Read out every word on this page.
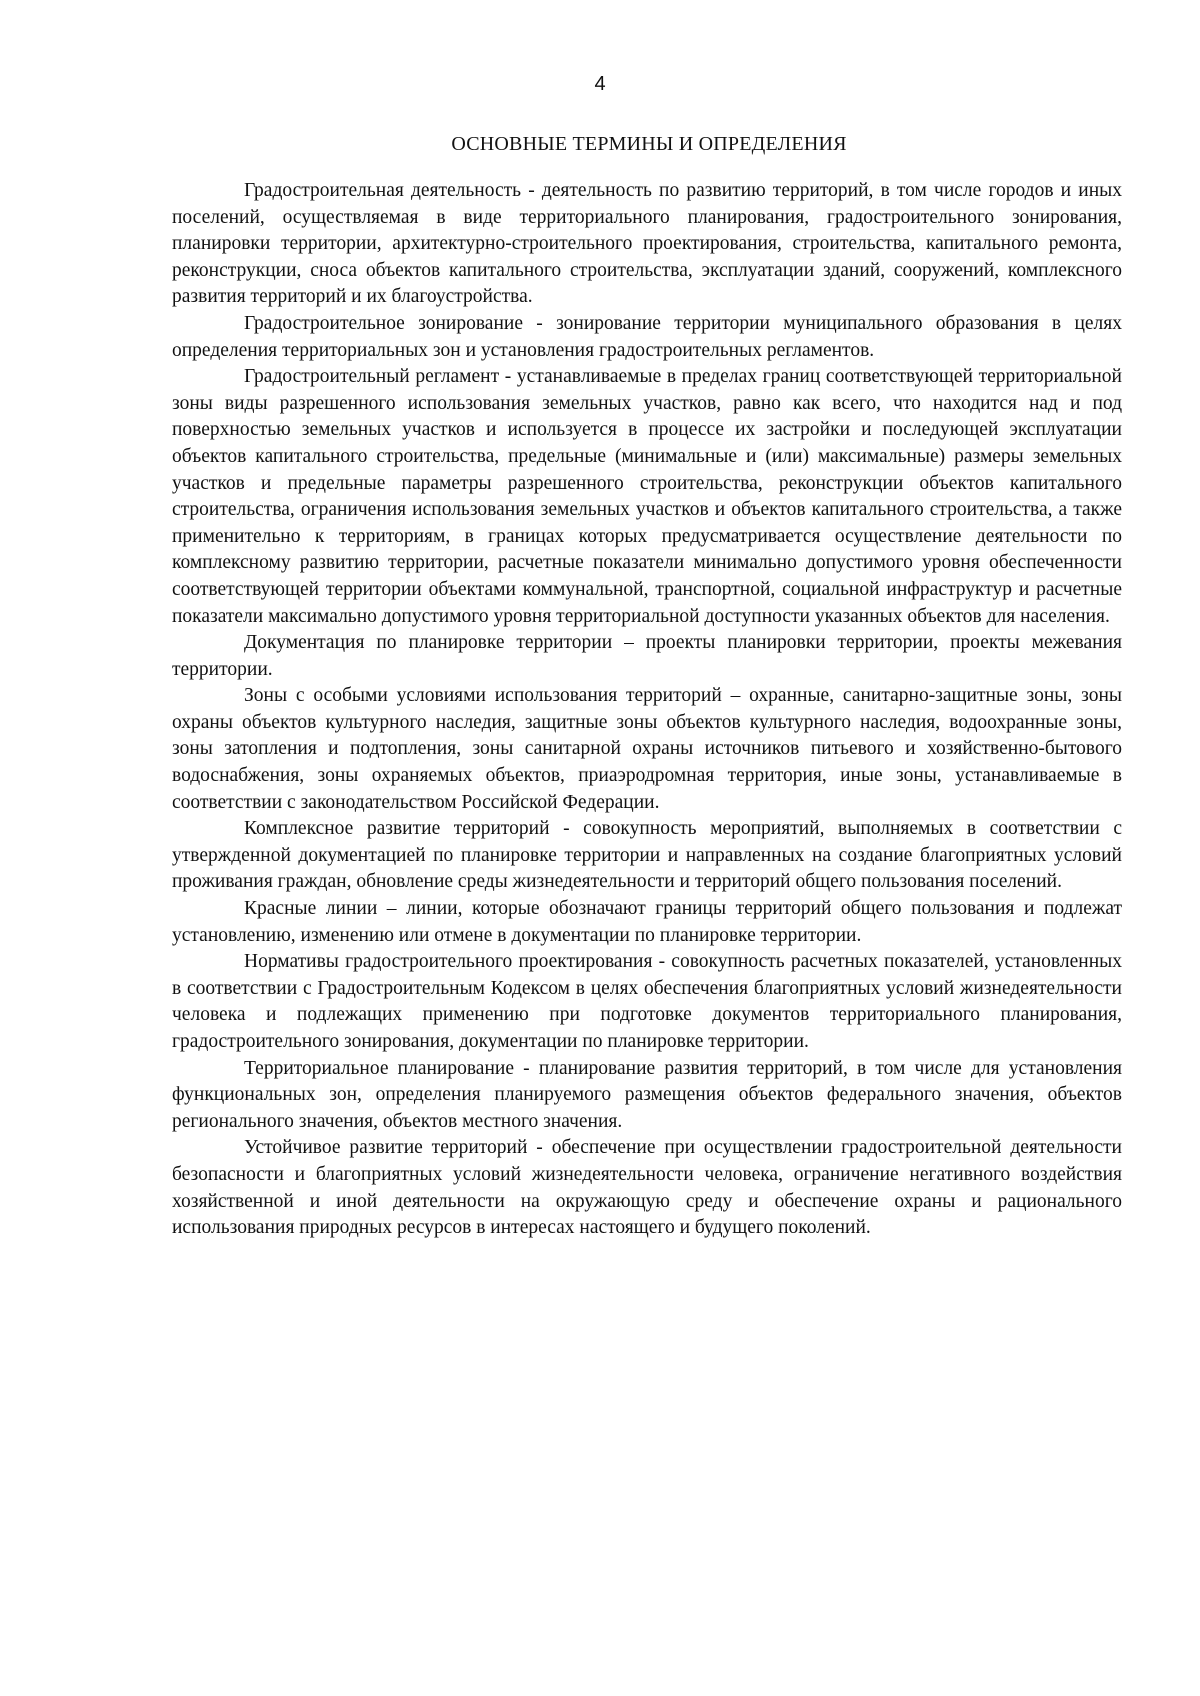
4
ОСНОВНЫЕ ТЕРМИНЫ И ОПРЕДЕЛЕНИЯ

Градостроительная деятельность - деятельность по развитию территорий, в том числе городов и иных поселений, осуществляемая в виде территориального планирования, градостроительного зонирования, планировки территории, архитектурно-строительного проектирования, строительства, капитального ремонта, реконструкции, сноса объектов капитального строительства, эксплуатации зданий, сооружений, комплексного развития территорий и их благоустройства.

Градостроительное зонирование - зонирование территории муниципального образования в целях определения территориальных зон и установления градостроительных регламентов.

Градостроительный регламент - устанавливаемые в пределах границ соответствующей территориальной зоны виды разрешенного использования земельных участков, равно как всего, что находится над и под поверхностью земельных участков и используется в процессе их застройки и последующей эксплуатации объектов капитального строительства, предельные (минимальные и (или) максимальные) размеры земельных участков и предельные параметры разрешенного строительства, реконструкции объектов капитального строительства, ограничения использования земельных участков и объектов капитального строительства, а также применительно к территориям, в границах которых предусматривается осуществление деятельности по комплексному развитию территории, расчетные показатели минимально допустимого уровня обеспеченности соответствующей территории объектами коммунальной, транспортной, социальной инфраструктур и расчетные показатели максимально допустимого уровня территориальной доступности указанных объектов для населения.

Документация по планировке территории – проекты планировки территории, проекты межевания территории.

Зоны с особыми условиями использования территорий – охранные, санитарно-защитные зоны, зоны охраны объектов культурного наследия, защитные зоны объектов культурного наследия, водоохранные зоны, зоны затопления и подтопления, зоны санитарной охраны источников питьевого и хозяйственно-бытового водоснабжения, зоны охраняемых объектов, приаэродромная территория, иные зоны, устанавливаемые в соответствии с законодательством Российской Федерации.

Комплексное развитие территорий - совокупность мероприятий, выполняемых в соответствии с утвержденной документацией по планировке территории и направленных на создание благоприятных условий проживания граждан, обновление среды жизнедеятельности и территорий общего пользования поселений.

Красные линии – линии, которые обозначают границы территорий общего пользования и подлежат установлению, изменению или отмене в документации по планировке территории.

Нормативы градостроительного проектирования - совокупность расчетных показателей, установленных в соответствии с Градостроительным Кодексом в целях обеспечения благоприятных условий жизнедеятельности человека и подлежащих применению при подготовке документов территориального планирования, градостроительного зонирования, документации по планировке территории.

Территориальное планирование - планирование развития территорий, в том числе для установления функциональных зон, определения планируемого размещения объектов федерального значения, объектов регионального значения, объектов местного значения.

Устойчивое развитие территорий - обеспечение при осуществлении градостроительной деятельности безопасности и благоприятных условий жизнедеятельности человека, ограничение негативного воздействия хозяйственной и иной деятельности на окружающую среду и обеспечение охраны и рационального использования природных ресурсов в интересах настоящего и будущего поколений.
